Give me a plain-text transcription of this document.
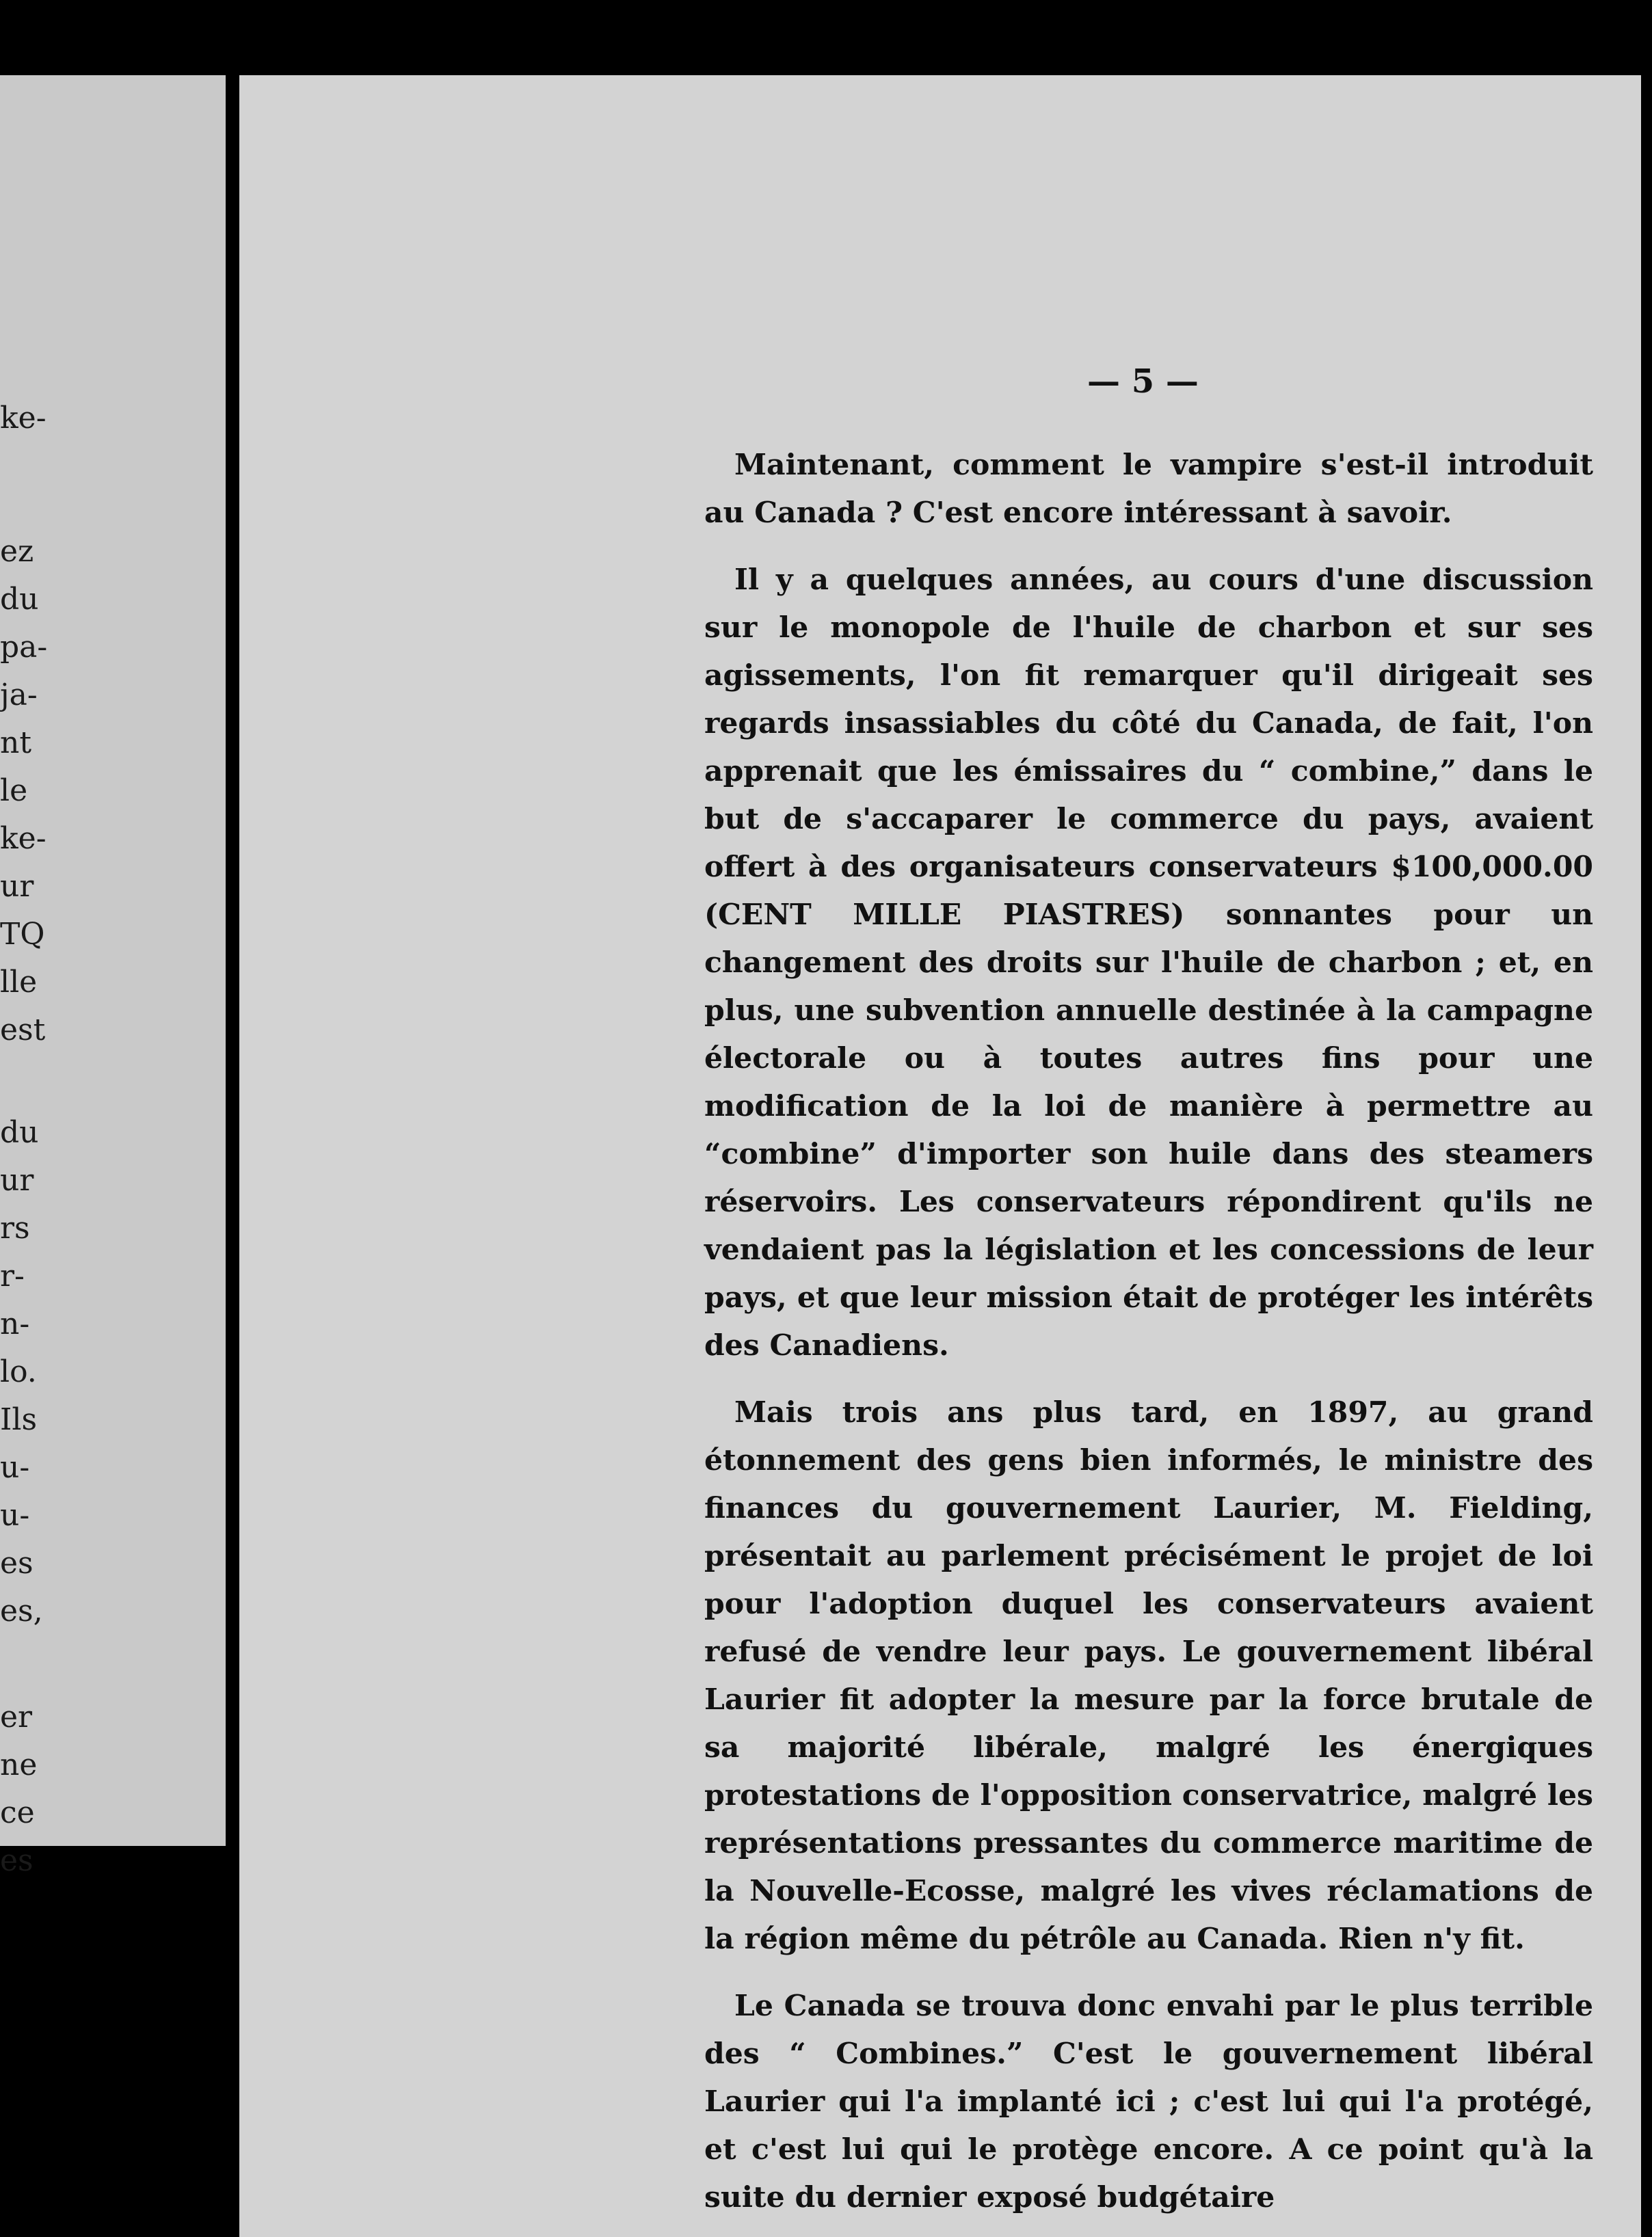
ke-
ez
du
pa-
ja-
nt
le
ke-
ur
TQ
lle
est
du
ur
rs
r-
n-
lo.
Ils
u-
u-
es
es,
er
ne
ce
es
— 5 —

Maintenant, comment le vampire s'est-il introduit au Canada ? C'est encore intéressant à savoir.

Il y a quelques années, au cours d'une discussion sur le monopole de l'huile de charbon et sur ses agissements, l'on fit remarquer qu'il dirigeait ses regards insassiables du côté du Canada, de fait, l'on apprenait que les émissaires du “ combine,” dans le but de s'accaparer le commerce du pays, avaient offert à des organisateurs conservateurs $100,000.00 (CENT MILLE PIASTRES) sonnantes pour un changement des droits sur l'huile de charbon ; et, en plus, une subvention annuelle destinée à la campagne électorale ou à toutes autres fins pour une modification de la loi de manière à permettre au “combine” d'importer son huile dans des steamers réservoirs. Les conservateurs répondirent qu'ils ne vendaient pas la législation et les concessions de leur pays, et que leur mission était de protéger les intérêts des Canadiens.

Mais trois ans plus tard, en 1897, au grand étonnement des gens bien informés, le ministre des finances du gouvernement Laurier, M. Fielding, présentait au parlement précisément le projet de loi pour l'adoption duquel les conservateurs avaient refusé de vendre leur pays. Le gouvernement libéral Laurier fit adopter la mesure par la force brutale de sa majorité libérale, malgré les énergiques protestations de l'opposition conservatrice, malgré les représentations pressantes du commerce maritime de la Nouvelle-Ecosse, malgré les vives réclamations de la région même du pétrôle au Canada. Rien n'y fit.

Le Canada se trouva donc envahi par le plus terrible des “ Combines.” C'est le gouvernement libéral Laurier qui l'a implanté ici ; c'est lui qui l'a protégé, et c'est lui qui le protège encore. A ce point qu'à la suite du dernier exposé budgétaire
